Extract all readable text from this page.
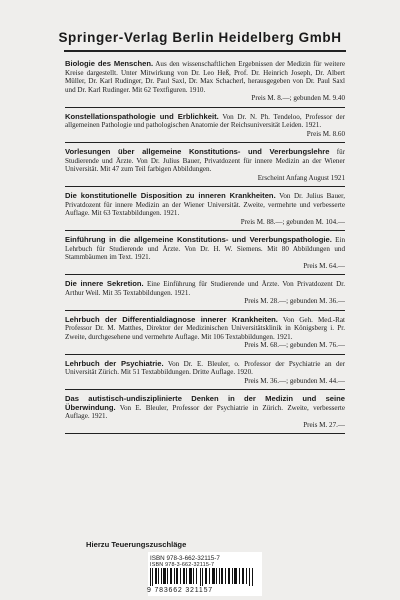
Springer-Verlag Berlin Heidelberg GmbH
Biologie des Menschen. Aus den wissenschaftlichen Ergebnissen der Medizin für weitere Kreise dargestellt. Unter Mitwirkung von Dr. Leo Heß, Prof. Dr. Heinrich Joseph, Dr. Albert Müller, Dr. Karl Rudinger, Dr. Paul Saxl, Dr. Max Schacherl, herausgegeben von Dr. Paul Saxl und Dr. Karl Rudinger. Mit 62 Textfiguren. 1910.
Preis M. 8.—; gebunden M. 9.40
Konstellationspathologie und Erblichkeit. Von Dr. N. Ph. Tendeloo, Professor der allgemeinen Pathologie und pathologischen Anatomie der Reichsuniversität Leiden. 1921.
Preis M. 8.60
Vorlesungen über allgemeine Konstitutions- und Vererbungslehre für Studierende und Ärzte. Von Dr. Julius Bauer, Privatdozent für innere Medizin an der Wiener Universität. Mit 47 zum Teil farbigen Abbildungen.
Erscheint Anfang August 1921
Die konstitutionelle Disposition zu inneren Krankheiten. Von Dr. Julius Bauer, Privatdozent für innere Medizin an der Wiener Universität. Zweite, vermehrte und verbesserte Auflage. Mit 63 Textabbildungen. 1921.
Preis M. 88.—; gebunden M. 104.—
Einführung in die allgemeine Konstitutions- und Vererbungspathologie. Ein Lehrbuch für Studierende und Ärzte. Von Dr. H. W. Siemens. Mit 80 Abbildungen und Stammbäumen im Text. 1921.
Preis M. 64.—
Die innere Sekretion. Eine Einführung für Studierende und Ärzte. Von Privatdozent Dr. Arthur Weil. Mit 35 Textabbildungen. 1921.
Preis M. 28.—; gebunden M. 36.—
Lehrbuch der Differentialdiagnose innerer Krankheiten. Von Geh. Med.-Rat Professor Dr. M. Matthes, Direktor der Medizinischen Universitätsklinik in Königsberg i. Pr. Zweite, durchgesehene und vermehrte Auflage. Mit 106 Textabbildungen. 1921.
Preis M. 68.—; gebunden M. 76.—
Lehrbuch der Psychiatrie. Von Dr. E. Bleuler, o. Professor der Psychiatrie an der Universität Zürich. Mit 51 Textabbildungen. Dritte Auflage. 1920.
Preis M. 36.—; gebunden M. 44.—
Das autistisch-undisziplinierte Denken in der Medizin und seine Überwindung. Von E. Bleuler, Professor der Psychiatrie in Zürich. Zweite, verbesserte Auflage. 1921.
Preis M. 27.—
Hierzu Teuerungszuschläge
ISBN 978-3-662-32115-7
ISBN 978-3-662-32115-7
9 783662 321157
